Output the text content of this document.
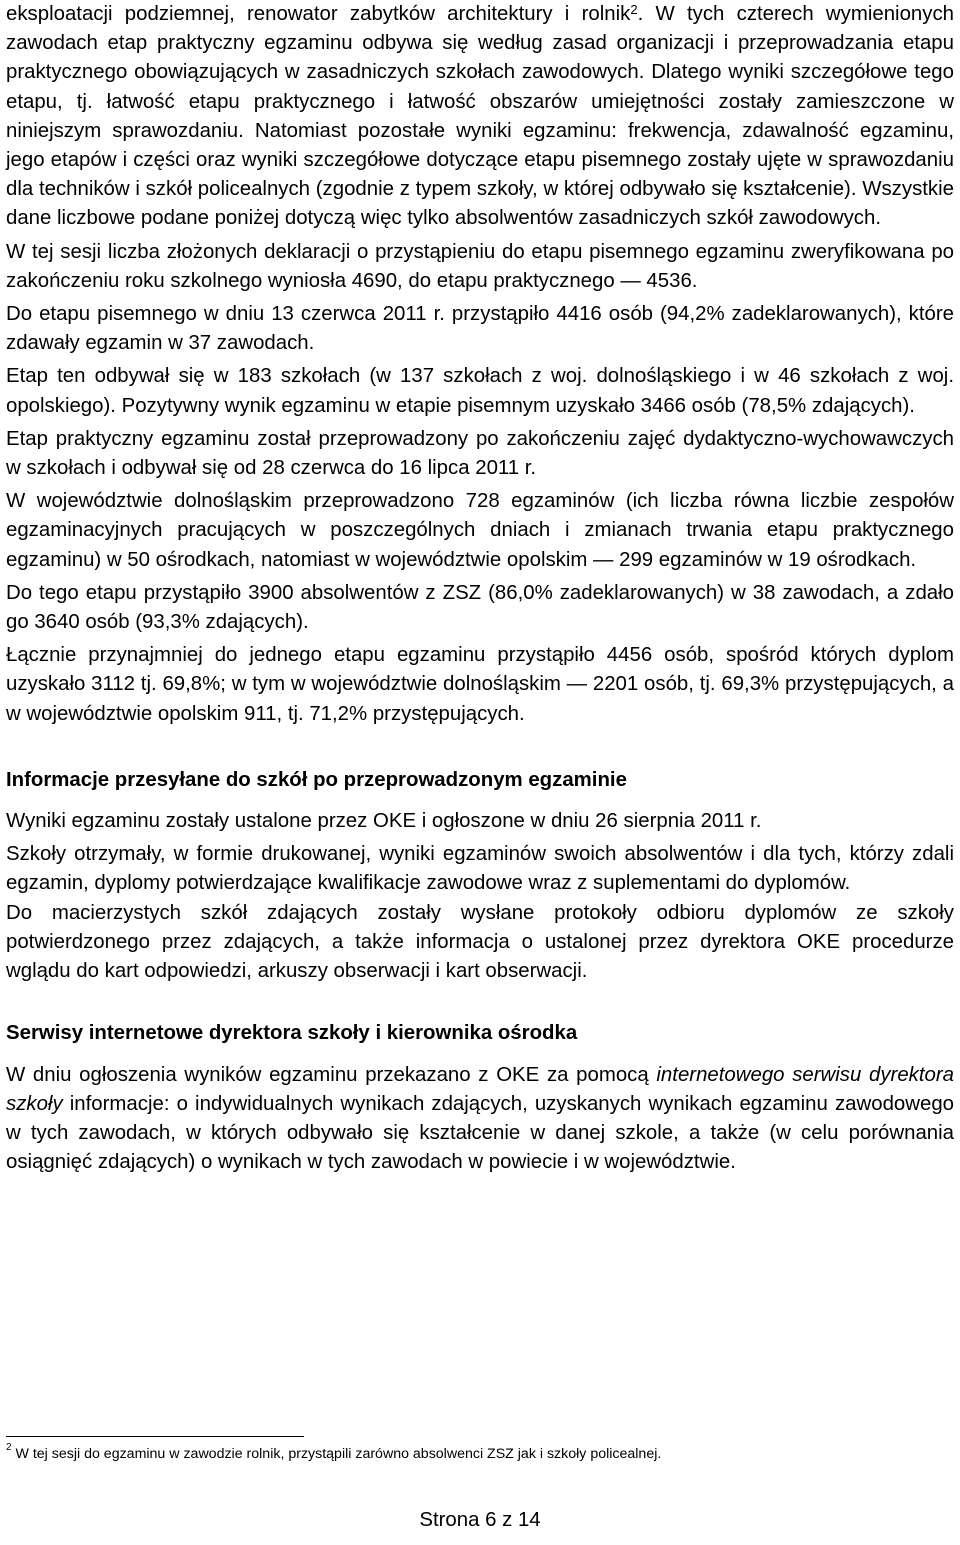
eksploatacji podziemnej, renowator zabytków architektury i rolnik$^2$. W tych czterech wymienionych zawodach etap praktyczny egzaminu odbywa się według zasad organizacji i przeprowadzania etapu praktycznego obowiązujących w zasadniczych szkołach zawodowych. Dlatego wyniki szczegółowe tego etapu, tj. łatwość etapu praktycznego i łatwość obszarów umiejętności zostały zamieszczone w niniejszym sprawozdaniu. Natomiast pozostałe wyniki egzaminu: frekwencja, zdawalność egzaminu, jego etapów i części oraz wyniki szczegółowe dotyczące etapu pisemnego zostały ujęte w sprawozdaniu dla techników i szkół policealnych (zgodnie z typem szkoły, w której odbywało się kształcenie). Wszystkie dane liczbowe podane poniżej dotyczą więc tylko absolwentów zasadniczych szkół zawodowych.

W tej sesji liczba złożonych deklaracji o przystąpieniu do etapu pisemnego egzaminu zweryfikowana po zakończeniu roku szkolnego wyniosła 4690, do etapu praktycznego — 4536.

Do etapu pisemnego w dniu 13 czerwca 2011 r. przystąpiło 4416 osób (94,2% zadeklarowanych), które zdawały egzamin w 37 zawodach.

Etap ten odbywał się w 183 szkołach (w 137 szkołach z woj. dolnośląskiego i w 46 szkołach z woj. opolskiego). Pozytywny wynik egzaminu w etapie pisemnym uzyskało 3466 osób (78,5% zdających).

Etap praktyczny egzaminu został przeprowadzony po zakończeniu zajęć dydaktyczno-wychowawczych w szkołach i odbywał się od 28 czerwca do 16 lipca 2011 r.

W województwie dolnośląskim przeprowadzono 728 egzaminów (ich liczba równa liczbie zespołów egzaminacyjnych pracujących w poszczególnych dniach i zmianach trwania etapu praktycznego egzaminu) w 50 ośrodkach, natomiast w województwie opolskim — 299 egzaminów w 19 ośrodkach.

Do tego etapu przystąpiło 3900 absolwentów z ZSZ (86,0% zadeklarowanych) w 38 zawodach, a zdało go 3640 osób (93,3% zdających).

Łącznie przynajmniej do jednego etapu egzaminu przystąpiło 4456 osób, spośród których dyplom uzyskało 3112 tj. 69,8%; w tym w województwie dolnośląskim — 2201 osób, tj. 69,3% przystępujących, a w województwie opolskim 911, tj. 71,2% przystępujących.

Informacje przesyłane do szkół po przeprowadzonym egzaminie

Wyniki egzaminu zostały ustalone przez OKE i ogłoszone w dniu 26 sierpnia 2011 r.

Szkoły otrzymały, w formie drukowanej, wyniki egzaminów swoich absolwentów i dla tych, którzy zdali egzamin, dyplomy potwierdzające kwalifikacje zawodowe wraz z suplementami do dyplomów.

Do macierzystych szkół zdających zostały wysłane protokoły odbioru dyplomów ze szkoły potwierdzonego przez zdających, a także informacja o ustalonej przez dyrektora OKE procedurze wglądu do kart odpowiedzi, arkuszy obserwacji i kart obserwacji.

Serwisy internetowe dyrektora szkoły i kierownika ośrodka

W dniu ogłoszenia wyników egzaminu przekazano z OKE za pomocą internetowego serwisu dyrektora szkoły informacje: o indywidualnych wynikach zdających, uzyskanych wynikach egzaminu zawodowego w tych zawodach, w których odbywało się kształcenie w danej szkole, a także (w celu porównania osiągnięć zdających) o wynikach w tych zawodach w powiecie i w województwie.

$^2$ W tej sesji do egzaminu w zawodzie rolnik, przystąpili zarówno absolwenci ZSZ jak i szkoły policealnej.
Strona 6 z 14
